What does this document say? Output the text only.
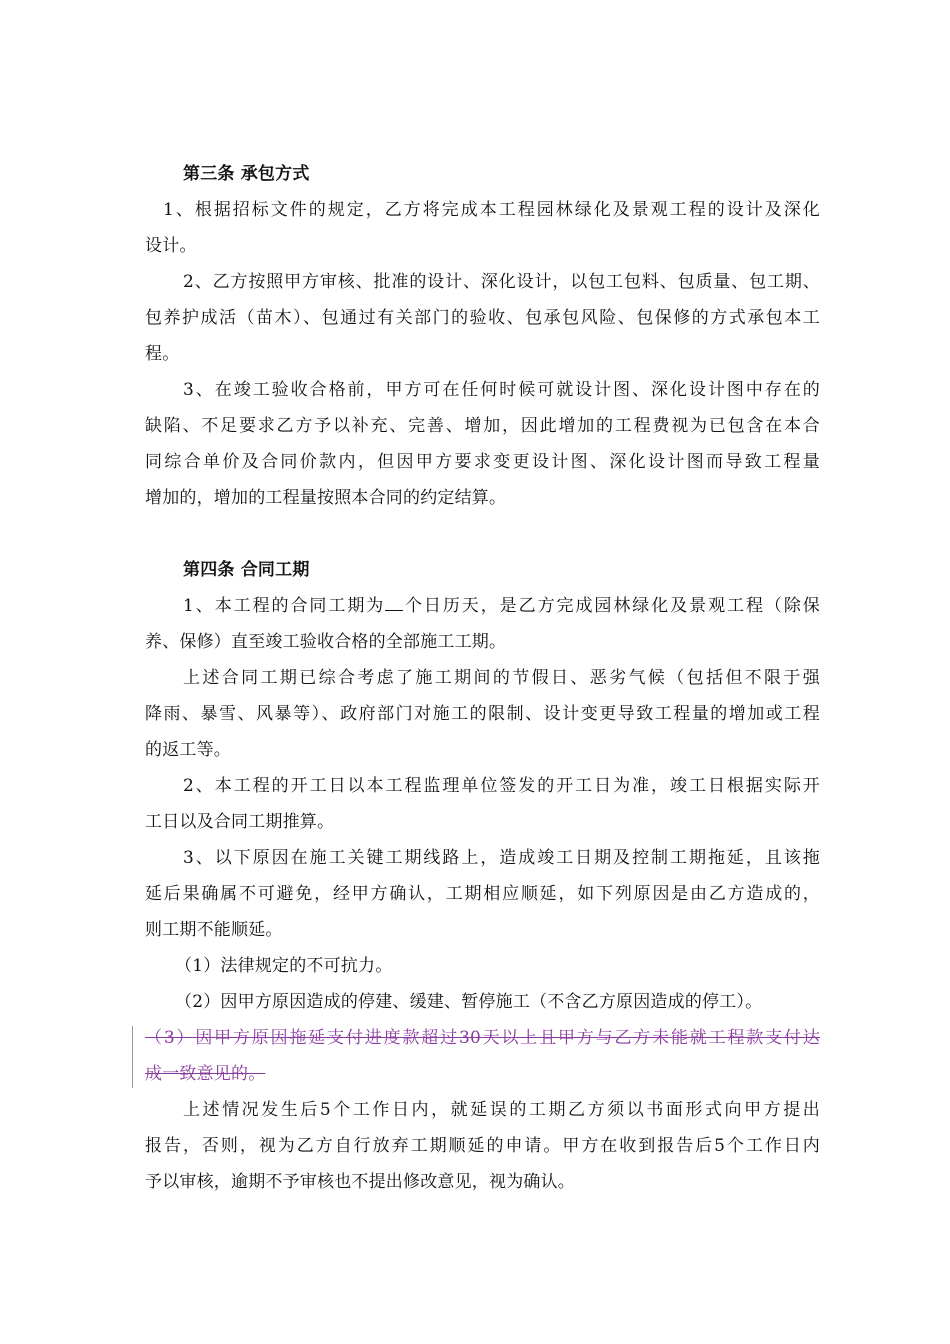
第三条 承包方式
1、根据招标文件的规定，乙方将完成本工程园林绿化及景观工程的设计及深化
设计。
2、乙方按照甲方审核、批准的设计、深化设计，以包工包料、包质量、包工期、
包养护成活（苗木）、包通过有关部门的验收、包承包风险、包保修的方式承包本工
程。
3、在竣工验收合格前，甲方可在任何时候可就设计图、深化设计图中存在的
缺陷、不足要求乙方予以补充、完善、增加，因此增加的工程费视为已包含在本合
同综合单价及合同价款内，但因甲方要求变更设计图、深化设计图而导致工程量
增加的，增加的工程量按照本合同的约定结算。
第四条 合同工期
1、本工程的合同工期为 个日历天，是乙方完成园林绿化及景观工程（除保
养、保修）直至竣工验收合格的全部施工工期。
上述合同工期已综合考虑了施工期间的节假日、恶劣气候（包括但不限于强
降雨、暴雪、风暴等）、政府部门对施工的限制、设计变更导致工程量的增加或工程
的返工等。
2、本工程的开工日以本工程监理单位签发的开工日为准，竣工日根据实际开
工日以及合同工期推算。
3、以下原因在施工关键工期线路上，造成竣工日期及控制工期拖延，且该拖
延后果确属不可避免，经甲方确认，工期相应顺延，如下列原因是由乙方造成的，
则工期不能顺延。
（1）法律规定的不可抗力。
（2）因甲方原因造成的停建、缓建、暂停施工（不含乙方原因造成的停工）。
（3）因甲方原因拖延支付进度款超过30天以上且甲方与乙方未能就工程款支付达
成一致意见的。
上述情况发生后5个工作日内，就延误的工期乙方须以书面形式向甲方提出
报告，否则，视为乙方自行放弃工期顺延的申请。甲方在收到报告后5个工作日内
予以审核，逾期不予审核也不提出修改意见，视为确认。
